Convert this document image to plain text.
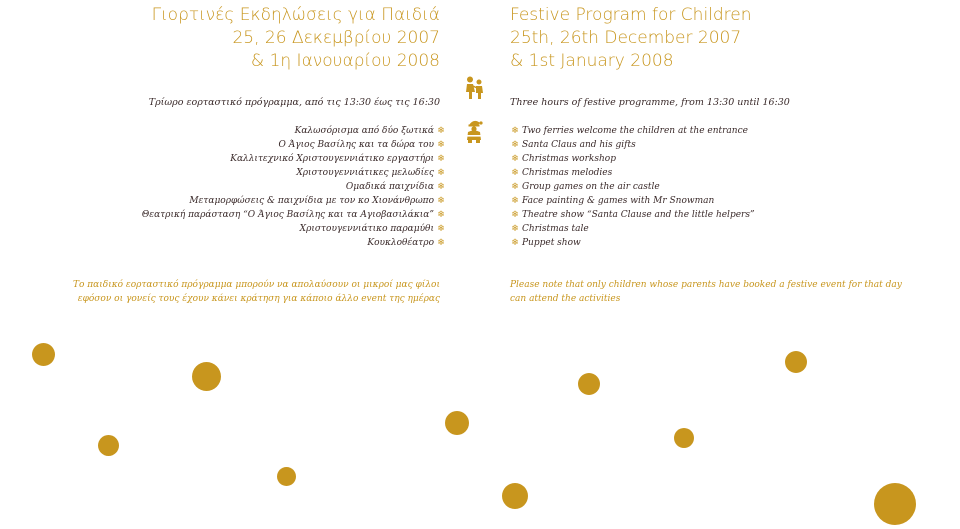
Γιορτινές Εκδηλώσεις για Παιδιά
25, 26 Δεκεμβρίου 2007
& 1η Ιανουαρίου 2008
Festive Program for Children
25th, 26th December 2007
& 1st January 2008
Τρίωρο εορταστικό πρόγραμμα, από τις 13:30 έως τις 16:30	Three hours of festive programme, from 13:30 until 16:30
Καλωσόρισμα από δύο ξωτικά ❄
Ο Άγιος Βασίλης και τα δώρα του ❄
Καλλιτεχνικό Χριστουγεννιάτικο εργαστήρι ❄
Χριστουγεννιάτικες μελωδίες ❄
Ομαδικά παιχνίδια ❄
Μεταμορφώσεις & παιχνίδια με τον κο Χιονάνθρωπο ❄
Θεατρική παράσταση “Ο Άγιος Βασίλης και τα Αγιοβασιλάκια” ❄
Χριστουγεννιάτικο παραμύθι ❄
Κουκλοθέατρο ❄
❄ Two ferries welcome the children at the entrance
❄ Santa Claus and his gifts
❄ Christmas workshop
❄ Christmas melodies
❄ Group games on the air castle
❄ Face painting & games with Mr Snowman
❄ Theatre show “Santa Clause and the little helpers”
❄ Christmas tale
❄ Puppet show
Το παιδικό εορταστικό πρόγραμμα μπορούν να απολαύσουν οι μικροί μας φίλοι
εφόσον οι γονείς τους έχουν κάνει κράτηση για κάποιο άλλο event της ημέρας
Please note that only children whose parents have booked a festive event for that day
can attend the activities
